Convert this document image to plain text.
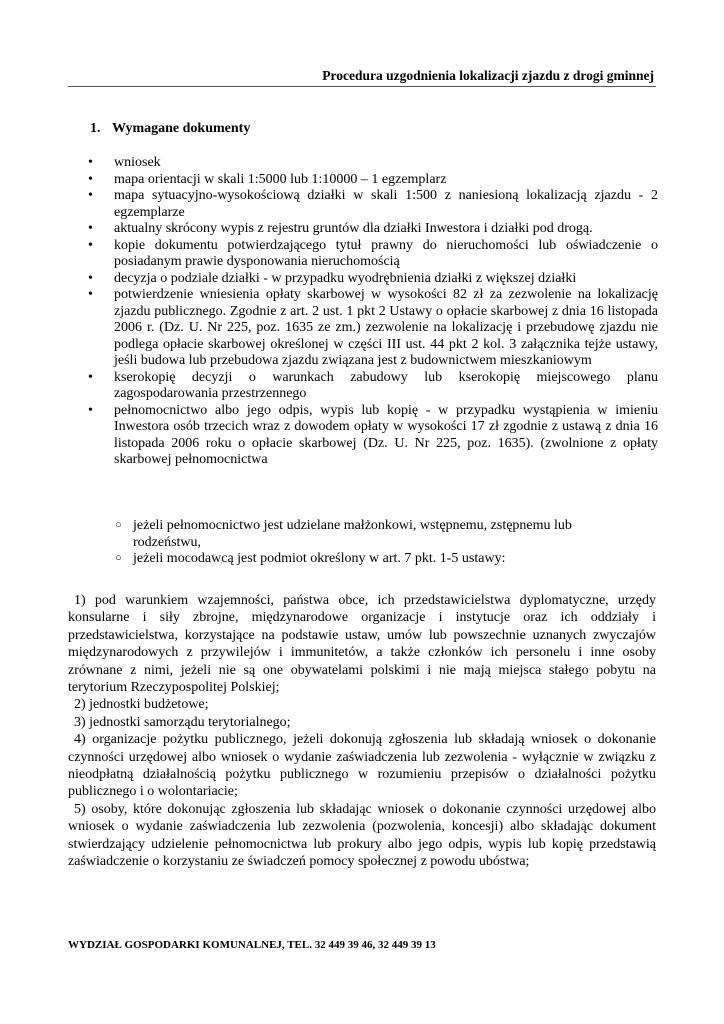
Procedura uzgodnienia lokalizacji zjazdu z drogi gminnej
1. Wymagane dokumenty
• wniosek
• mapa orientacji w skali 1:5000 lub 1:10000 – 1 egzemplarz
• mapa sytuacyjno-wysokościową działki w skali 1:500 z naniesioną lokalizacją zjazdu - 2 egzemplarze
• aktualny skrócony wypis z rejestru gruntów dla działki Inwestora i działki pod drogą.
• kopie dokumentu potwierdzającego tytuł prawny do nieruchomości lub oświadczenie o posiadanym prawie dysponowania nieruchomością
• decyzja o podziale działki - w przypadku wyodrębnienia działki z większej działki
• potwierdzenie wniesienia opłaty skarbowej w wysokości 82 zł za zezwolenie na lokalizację zjazdu publicznego. Zgodnie z art. 2 ust. 1 pkt 2 Ustawy o opłacie skarbowej z dnia 16 listopada 2006 r. (Dz. U. Nr 225, poz. 1635 ze zm.) zezwolenie na lokalizację i przebudowę zjazdu nie podlega opłacie skarbowej określonej w części III ust. 44 pkt 2 kol. 3 załącznika tejże ustawy, jeśli budowa lub przebudowa zjazdu związana jest z budownictwem mieszkaniowym
• kserokopię decyzji o warunkach zabudowy lub kserokopię miejscowego planu zagospodarowania przestrzennego
• pełnomocnictwo albo jego odpis, wypis lub kopię - w przypadku wystąpienia w imieniu Inwestora osób trzecich wraz z dowodem opłaty w wysokości 17 zł zgodnie z ustawą z dnia 16 listopada 2006 roku o opłacie skarbowej (Dz. U. Nr 225, poz. 1635). (zwolnione z opłaty skarbowej pełnomocnictwa
○ jeżeli pełnomocnictwo jest udzielane małżonkowi, wstępnemu, zstępnemu lub rodzeństwu,
○ jeżeli mocodawcą jest podmiot określony w art. 7 pkt. 1-5 ustawy:

1) pod warunkiem wzajemności, państwa obce, ich przedstawicielstwa dyplomatyczne, urzędy konsularne i siły zbrojne, międzynarodowe organizacje i instytucje oraz ich oddziały i przedstawicielstwa, korzystające na podstawie ustaw, umów lub powszechnie uznanych zwyczajów międzynarodowych z przywilejów i immunitetów, a także członków ich personelu i inne osoby zrównane z nimi, jeżeli nie są one obywatelami polskimi i nie mają miejsca stałego pobytu na terytorium Rzeczypospolitej Polskiej;

2) jednostki budżetowe;

3) jednostki samorządu terytorialnego;

4) organizacje pożytku publicznego, jeżeli dokonują zgłoszenia lub składają wniosek o dokonanie czynności urzędowej albo wniosek o wydanie zaświadczenia lub zezwolenia - wyłącznie w związku z nieodpłatną działalnością pożytku publicznego w rozumieniu przepisów o działalności pożytku publicznego i o wolontariacie;

5) osoby, które dokonując zgłoszenia lub składając wniosek o dokonanie czynności urzędowej albo wniosek o wydanie zaświadczenia lub zezwolenia (pozwolenia, koncesji) albo składając dokument stwierdzający udzielenie pełnomocnictwa lub prokury albo jego odpis, wypis lub kopię przedstawią zaświadczenie o korzystaniu ze świadczeń pomocy społecznej z powodu ubóstwa;

WYDZIAŁ GOSPODARKI KOMUNALNEJ, TEL. 32 449 39 46, 32 449 39 13
